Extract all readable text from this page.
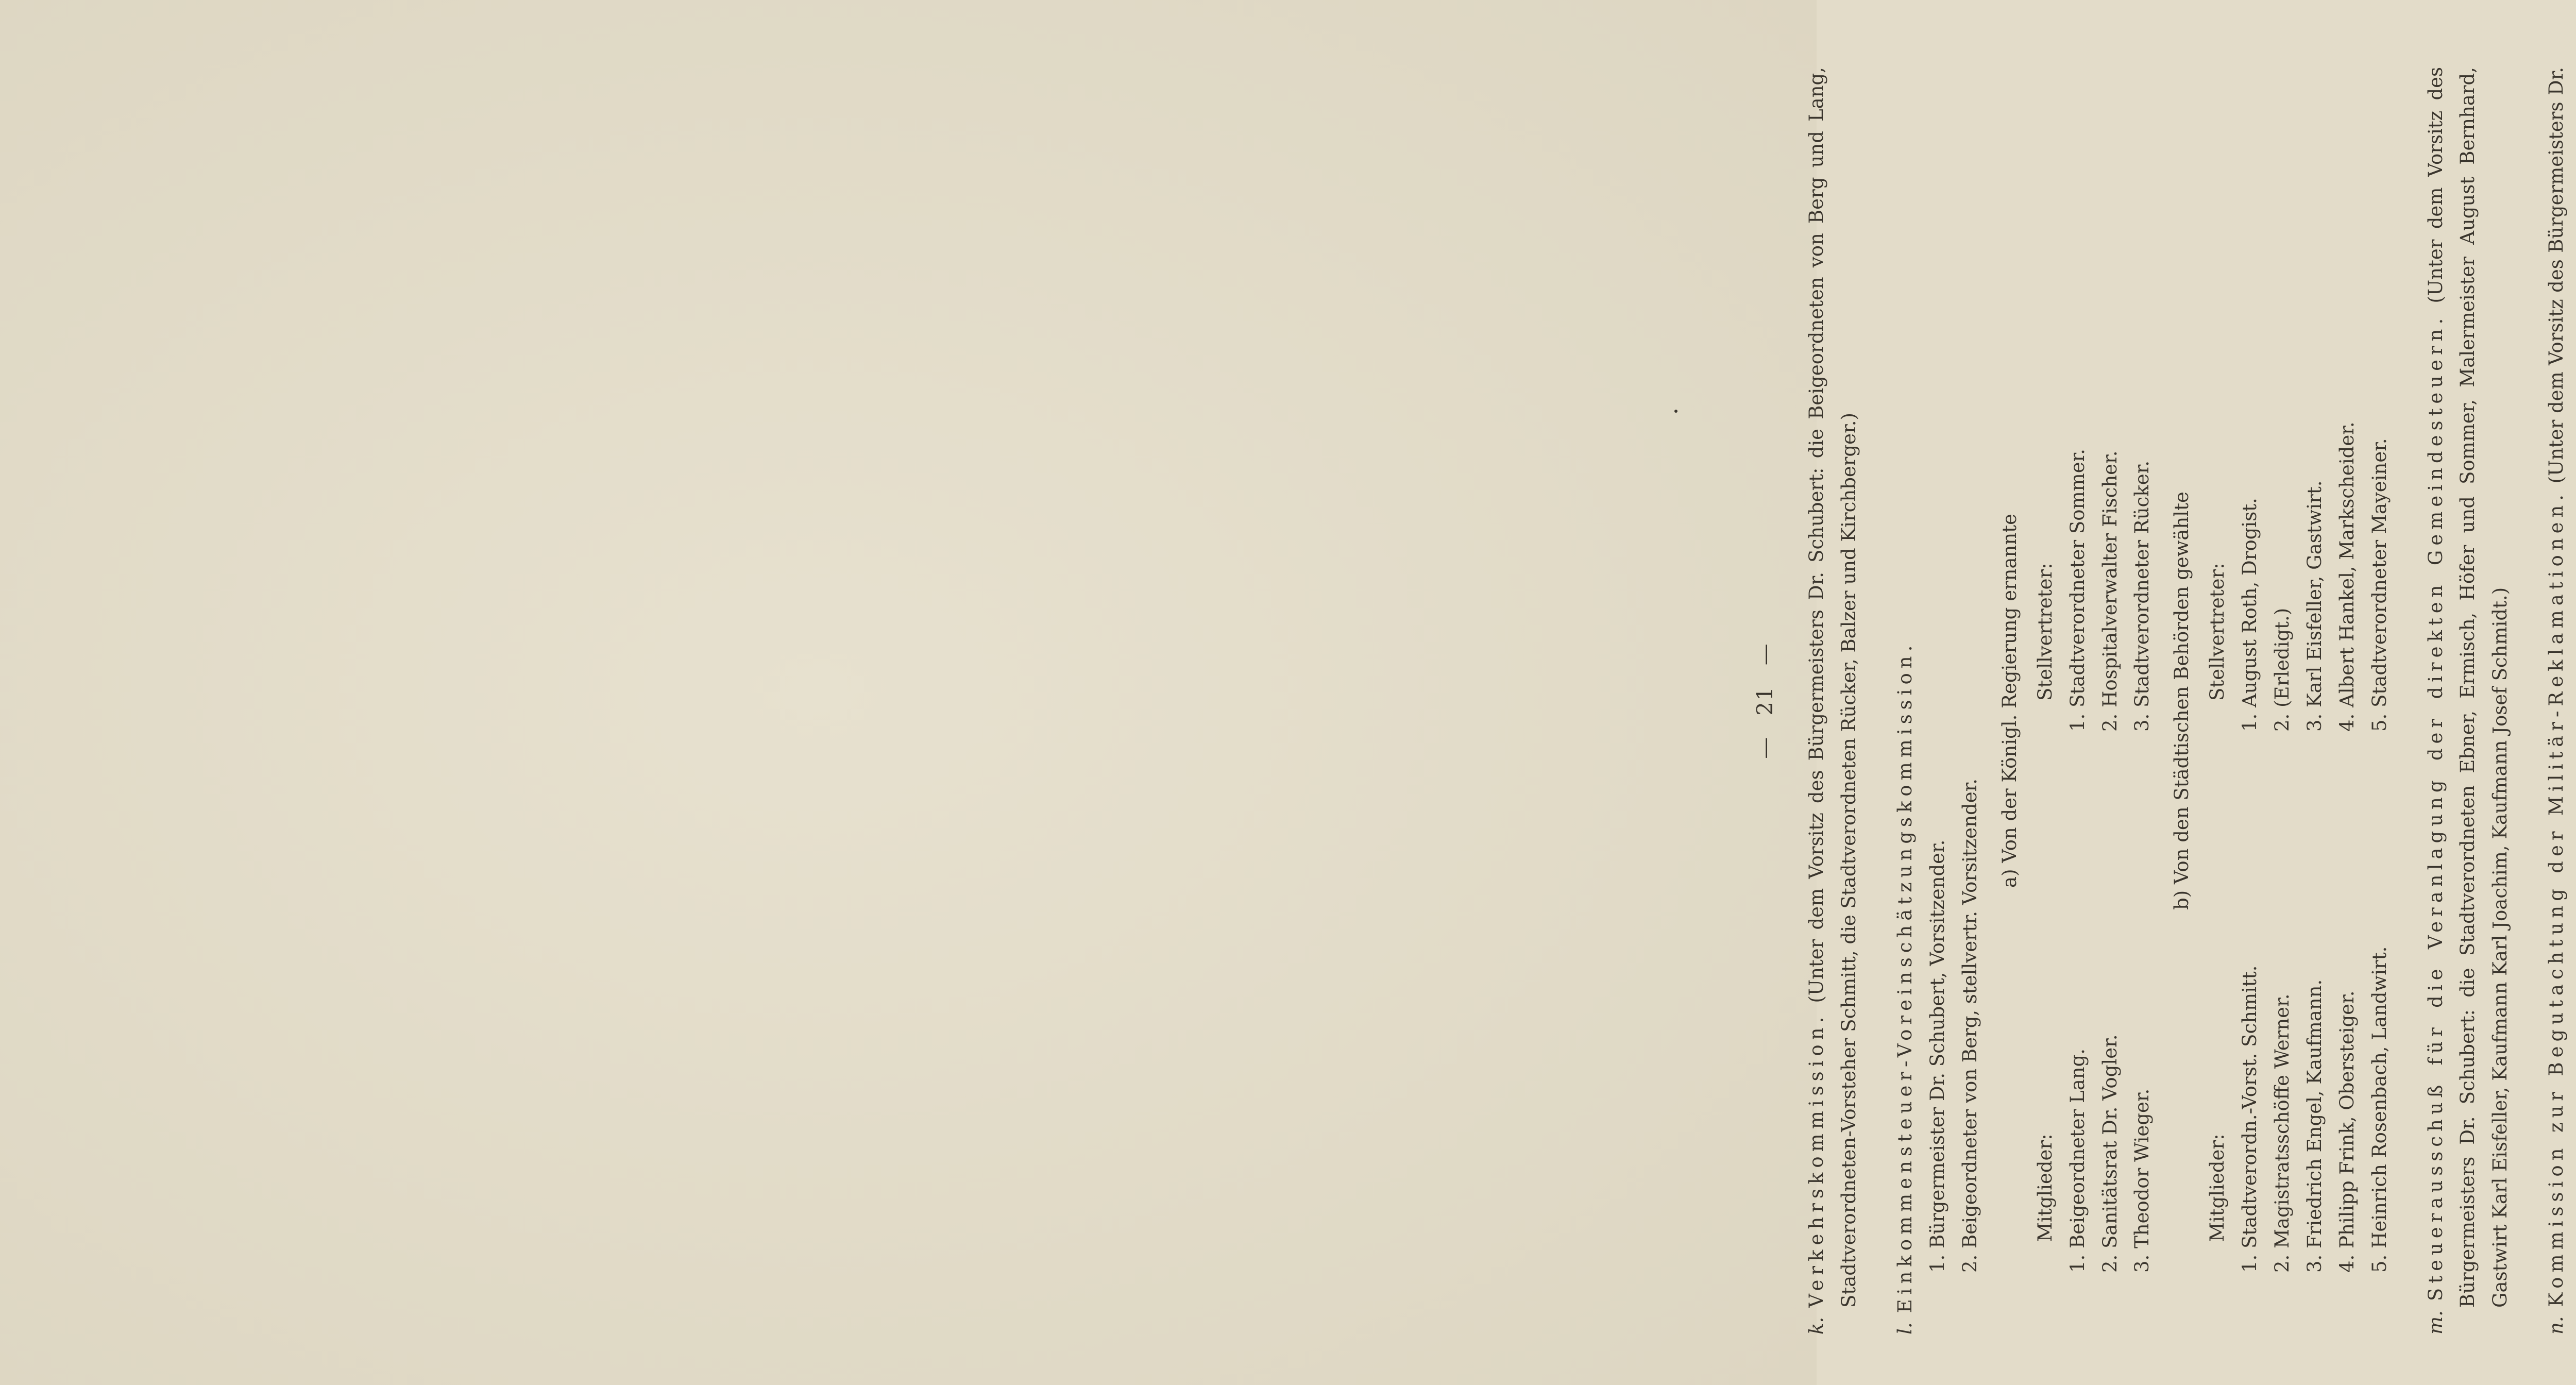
—21—
k.Verkehrskommission. (Unter dem Vorsitz des Bürgermeisters Dr. Schubert: die Beigeordneten von Berg und Lang, Stadtverordneten-Vorsteher Schmitt, die Stadtverordneten Rücker, Balzer und Kirchberger.)
l.Einkommensteuer-Voreinschätzungskommission. 1. Bürgermeister Dr. Schubert, Vorsitzender. 2. Beigeordneter von Berg, stellvertr. Vorsitzender.
a) Von der Königl. Regierung ernannte
Mitglieder: 1. Beigeordneter Lang. 2. Sanitätsrat Dr. Vogler. 3. Theodor Wieger.
Stellvertreter: 1. Stadtverordneter Sommer. 2. Hospitalverwalter Fischer. 3. Stadtverordneter Rücker. b) Von den Städtischen Behörden gewählte
Mitglieder: 1. Stadtverordn.-Vorst. Schmitt. 2. Magistratsschöffe Werner. 3. Friedrich Engel, Kaufmann. 4. Philipp Frink, Obersteiger. 5. Heinrich Rosenbach, Landwirt.
Stellvertreter: 1. August Roth, Drogist. 2. (Erledigt.) 3. Karl Eisfeller, Gastwirt. 4. Albert Hankel, Markscheider. 5. Stadtverordneter Mayeiner.
m.Steuerausschuß für die Veranlagung der direkten Gemeindesteuern. (Unter dem Vorsitz des Bürgermeisters Dr. Schubert: die Stadtverordneten Ebner, Ermisch, Höfer und Sommer, Malermeister August Bernhard, Gastwirt Karl Eisfeller, Kaufmann Karl Joachim, Kaufmann Josef Schmidt.)
n.Kommission zur Begutachtung der Militär-Reklamationen. (Unter dem Vorsitz des Bürgermeisters Dr.
